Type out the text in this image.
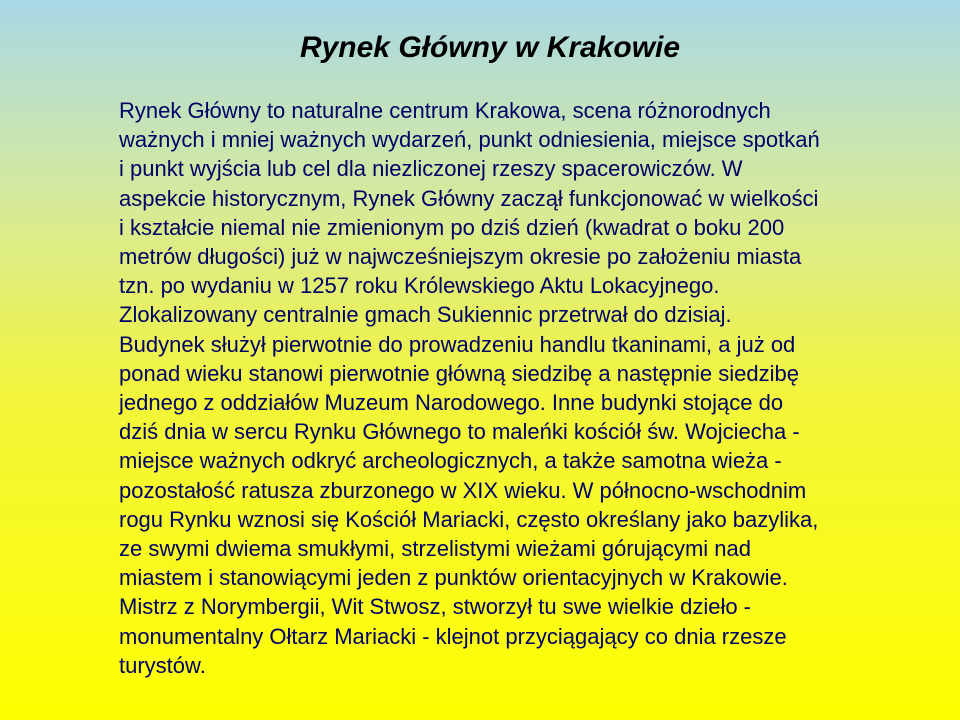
Rynek Główny w Krakowie

Rynek Główny to naturalne centrum Krakowa, scena różnorodnych
ważnych i mniej ważnych wydarzeń, punkt odniesienia, miejsce spotkań
i punkt wyjścia lub cel dla niezliczonej rzeszy spacerowiczów. W
aspekcie historycznym, Rynek Główny zaczął funkcjonować w wielkości
i kształcie niemal nie zmienionym po dziś dzień (kwadrat o boku 200
metrów długości) już w najwcześniejszym okresie po założeniu miasta
tzn. po wydaniu w 1257 roku Królewskiego Aktu Lokacyjnego.
Zlokalizowany centralnie gmach Sukiennic przetrwał do dzisiaj.
Budynek służył pierwotnie do prowadzeniu handlu tkaninami, a już od
ponad wieku stanowi pierwotnie główną siedzibę a następnie siedzibę
jednego z oddziałów Muzeum Narodowego. Inne budynki stojące do
dziś dnia w sercu Rynku Głównego to maleńki kościół św. Wojciecha -
miejsce ważnych odkryć archeologicznych, a także samotna wieża -
pozostałość ratusza zburzonego w XIX wieku. W północno-wschodnim
rogu Rynku wznosi się Kościół Mariacki, często określany jako bazylika,
ze swymi dwiema smukłymi, strzelistymi wieżami górującymi nad
miastem i stanowiącymi jeden z punktów orientacyjnych w Krakowie.
Mistrz z Norymbergii, Wit Stwosz, stworzył tu swe wielkie dzieło -
monumentalny Ołtarz Mariacki - klejnot przyciągający co dnia rzesze
turystów.
